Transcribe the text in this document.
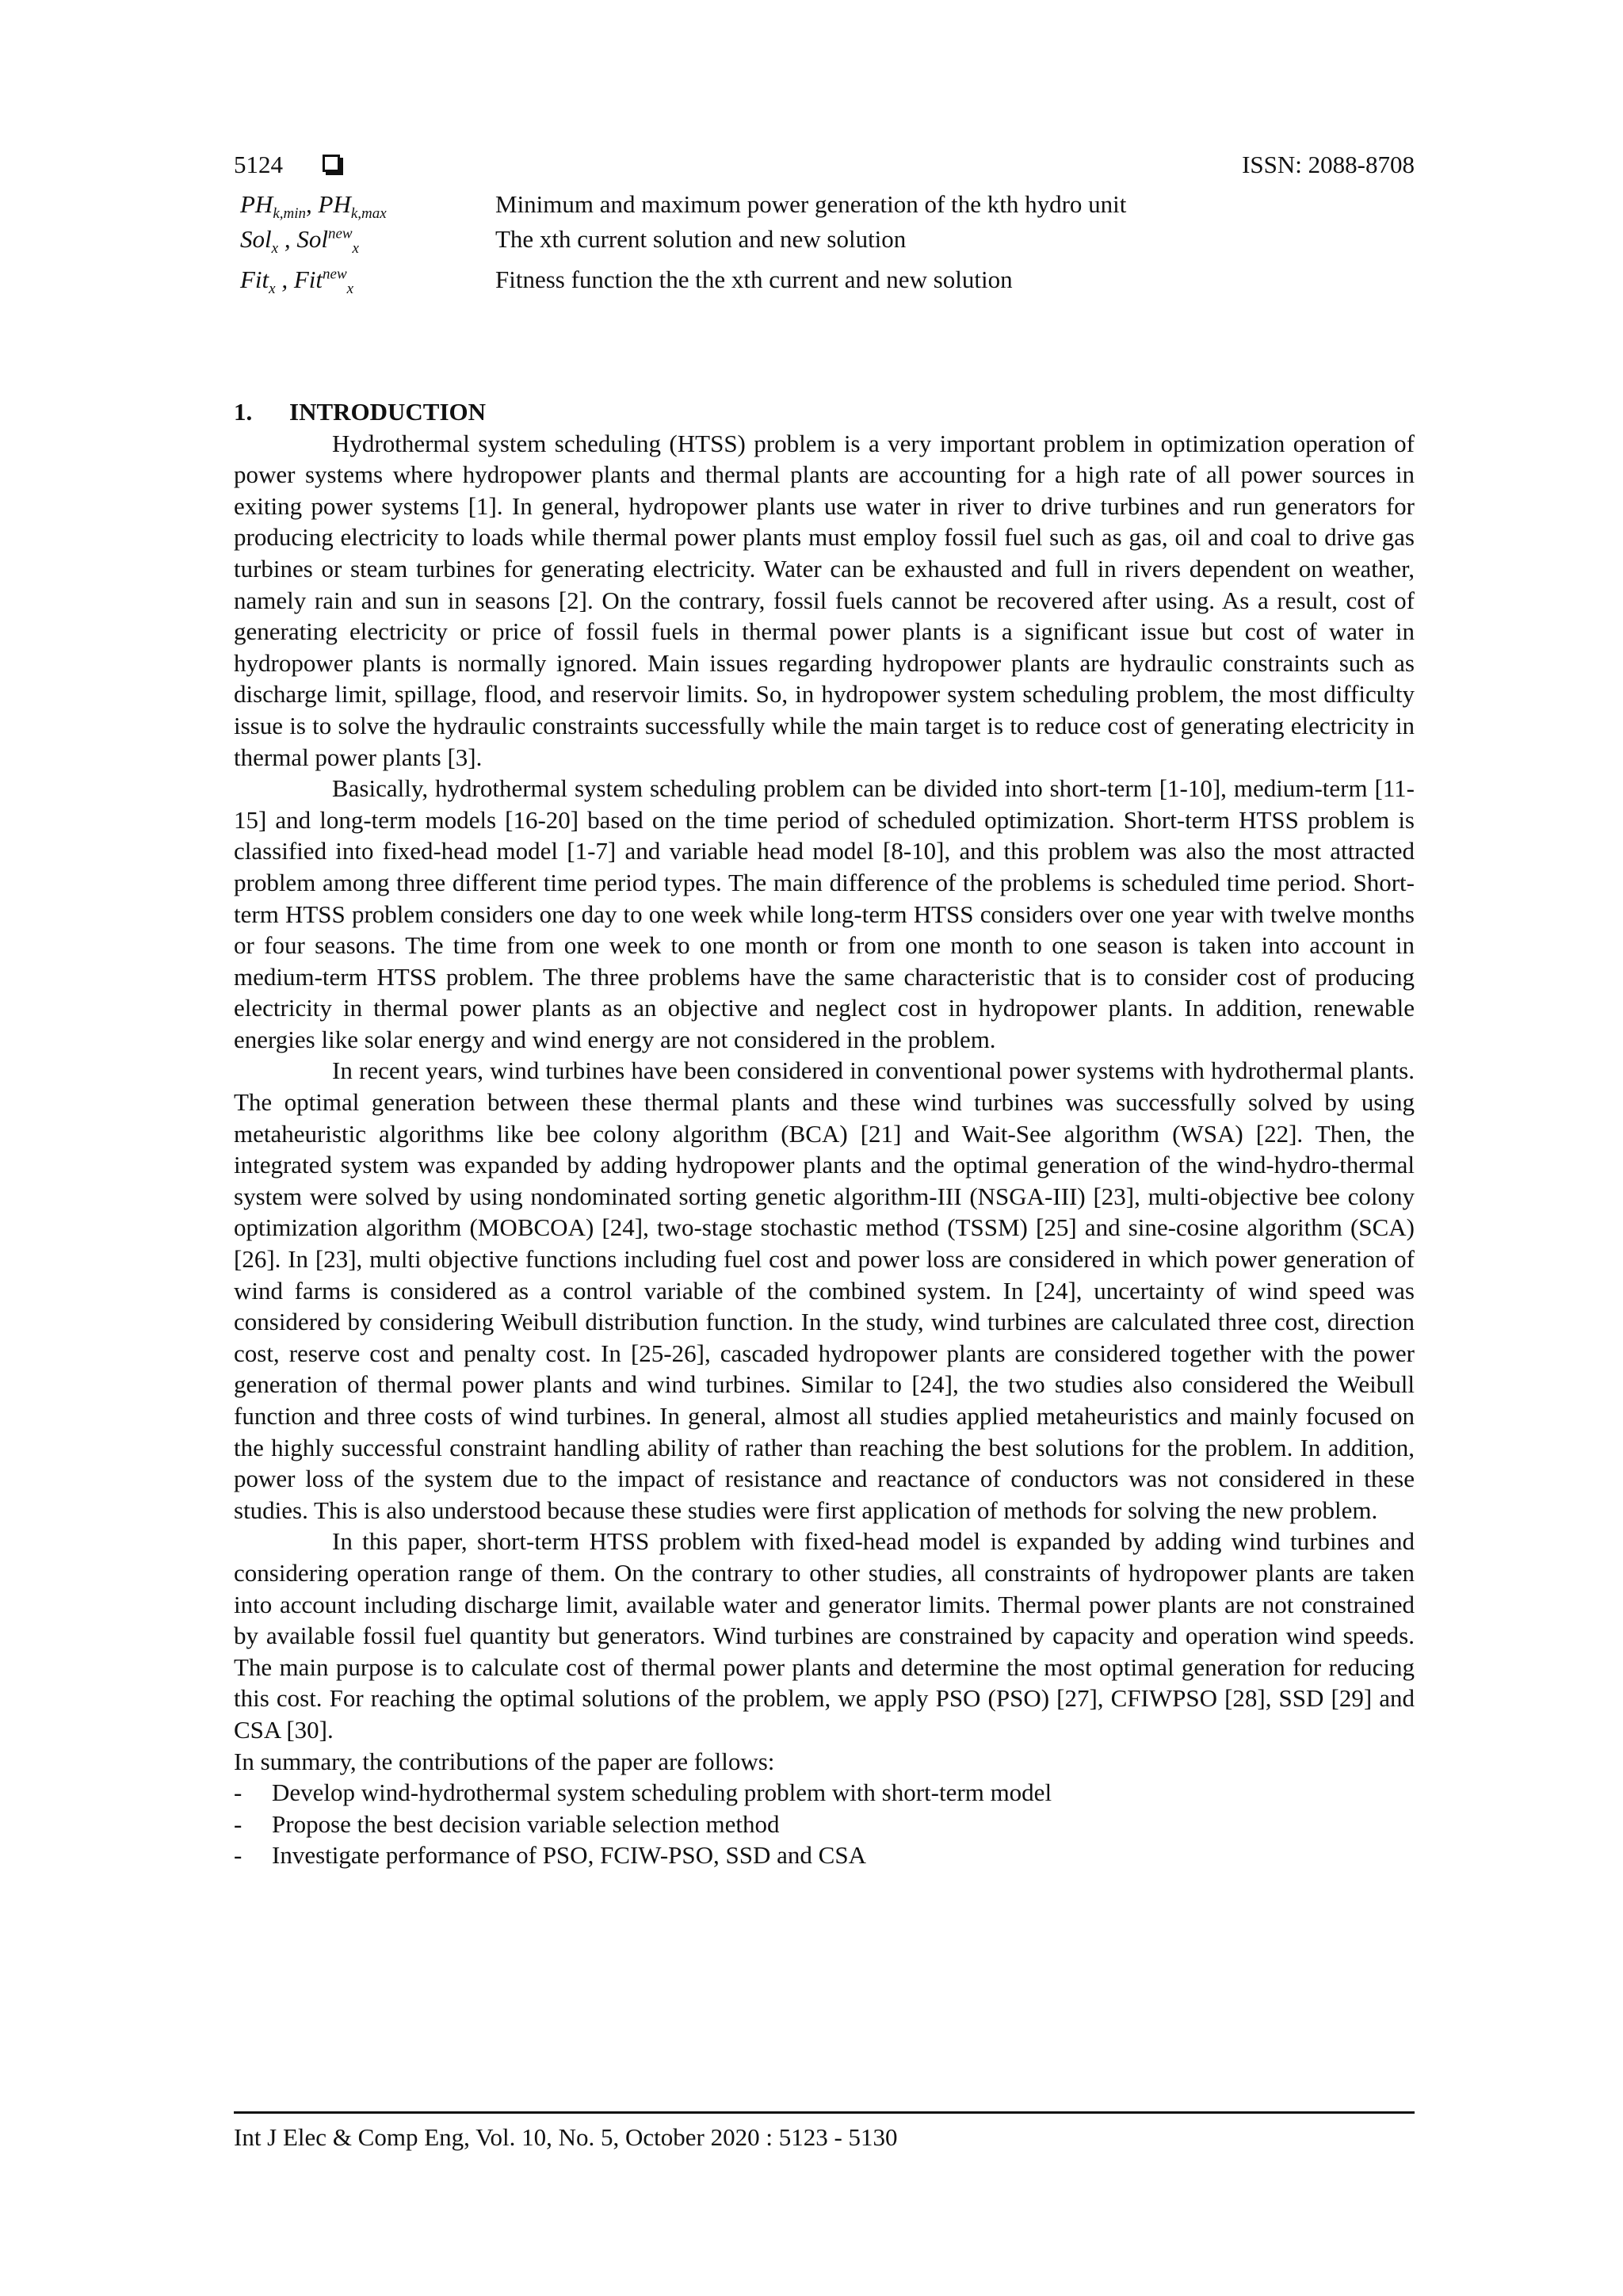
5124	ISSN: 2088-8708
$PH_{k,min}$, $PH_{k,max}$	Minimum and maximum power generation of the kth hydro unit
Sol$_x$ , Sol$^{new}_x$	The xth current solution and new solution
Fit$_x$ , Fit$^{new}_x$	Fitness function the the xth current and new solution
1. INTRODUCTION

Hydrothermal system scheduling (HTSS) problem is a very important problem in optimization operation of power systems where hydropower plants and thermal plants are accounting for a high rate of all power sources in exiting power systems [1]. In general, hydropower plants use water in river to drive turbines and run generators for producing electricity to loads while thermal power plants must employ fossil fuel such as gas, oil and coal to drive gas turbines or steam turbines for generating electricity. Water can be exhausted and full in rivers dependent on weather, namely rain and sun in seasons [2]. On the contrary, fossil fuels cannot be recovered after using. As a result, cost of generating electricity or price of fossil fuels in thermal power plants is a significant issue but cost of water in hydropower plants is normally ignored. Main issues regarding hydropower plants are hydraulic constraints such as discharge limit, spillage, flood, and reservoir limits. So, in hydropower system scheduling problem, the most difficulty issue is to solve the hydraulic constraints successfully while the main target is to reduce cost of generating electricity in thermal power plants [3].

Basically, hydrothermal system scheduling problem can be divided into short-term [1-10], medium-term [11-15] and long-term models [16-20] based on the time period of scheduled optimization. Short-term HTSS problem is classified into fixed-head model [1-7] and variable head model [8-10], and this problem was also the most attracted problem among three different time period types. The main difference of the problems is scheduled time period. Short-term HTSS problem considers one day to one week while long-term HTSS considers over one year with twelve months or four seasons. The time from one week to one month or from one month to one season is taken into account in medium-term HTSS problem. The three problems have the same characteristic that is to consider cost of producing electricity in thermal power plants as an objective and neglect cost in hydropower plants. In addition, renewable energies like solar energy and wind energy are not considered in the problem.

In recent years, wind turbines have been considered in conventional power systems with hydrothermal plants. The optimal generation between these thermal plants and these wind turbines was successfully solved by using metaheuristic algorithms like bee colony algorithm (BCA) [21] and Wait-See algorithm (WSA) [22]. Then, the integrated system was expanded by adding hydropower plants and the optimal generation of the wind-hydro-thermal system were solved by using nondominated sorting genetic algorithm-III (NSGA-III) [23], multi-objective bee colony optimization algorithm (MOBCOA) [24], two-stage stochastic method (TSSM) [25] and sine-cosine algorithm (SCA) [26]. In [23], multi objective functions including fuel cost and power loss are considered in which power generation of wind farms is considered as a control variable of the combined system. In [24], uncertainty of wind speed was considered by considering Weibull distribution function. In the study, wind turbines are calculated three cost, direction cost, reserve cost and penalty cost. In [25-26], cascaded hydropower plants are considered together with the power generation of thermal power plants and wind turbines. Similar to [24], the two studies also considered the Weibull function and three costs of wind turbines. In general, almost all studies applied metaheuristics and mainly focused on the highly successful constraint handling ability of rather than reaching the best solutions for the problem. In addition, power loss of the system due to the impact of resistance and reactance of conductors was not considered in these studies. This is also understood because these studies were first application of methods for solving the new problem.

In this paper, short-term HTSS problem with fixed-head model is expanded by adding wind turbines and considering operation range of them. On the contrary to other studies, all constraints of hydropower plants are taken into account including discharge limit, available water and generator limits. Thermal power plants are not constrained by available fossil fuel quantity but generators. Wind turbines are constrained by capacity and operation wind speeds. The main purpose is to calculate cost of thermal power plants and determine the most optimal generation for reducing this cost. For reaching the optimal solutions of the problem, we apply PSO (PSO) [27], CFIWPSO [28], SSD [29] and CSA [30].

In summary, the contributions of the paper are follows:

- Develop wind-hydrothermal system scheduling problem with short-term model
- Propose the best decision variable selection method
- Investigate performance of PSO, FCIW-PSO, SSD and CSA
Int J Elec & Comp Eng, Vol. 10, No. 5, October 2020 : 5123 - 5130
